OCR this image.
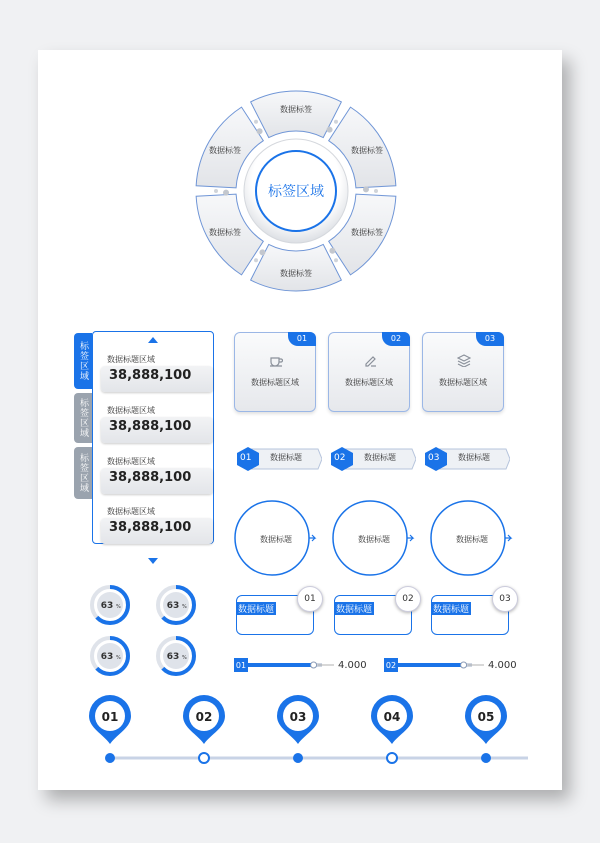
数据标签
数据标签
数据标签
数据标签
数据标签
数据标签
标签区域
标签区域
标签区域
标签区域
数据标题区域
38,888,100
数据标题区域
38,888,100
数据标题区域
38,888,100
数据标题区域
38,888,100
01
数据标题区域
02
数据标题区域
03
数据标题区域
01 数据标题	02 数据标题	03 数据标题
数据标题	数据标题	数据标题
数据标题
01
数据标题
02
数据标题
03
63 %	63 %
63 %	63 %
01	02
4.000	4.000
01	02	03	04	05
